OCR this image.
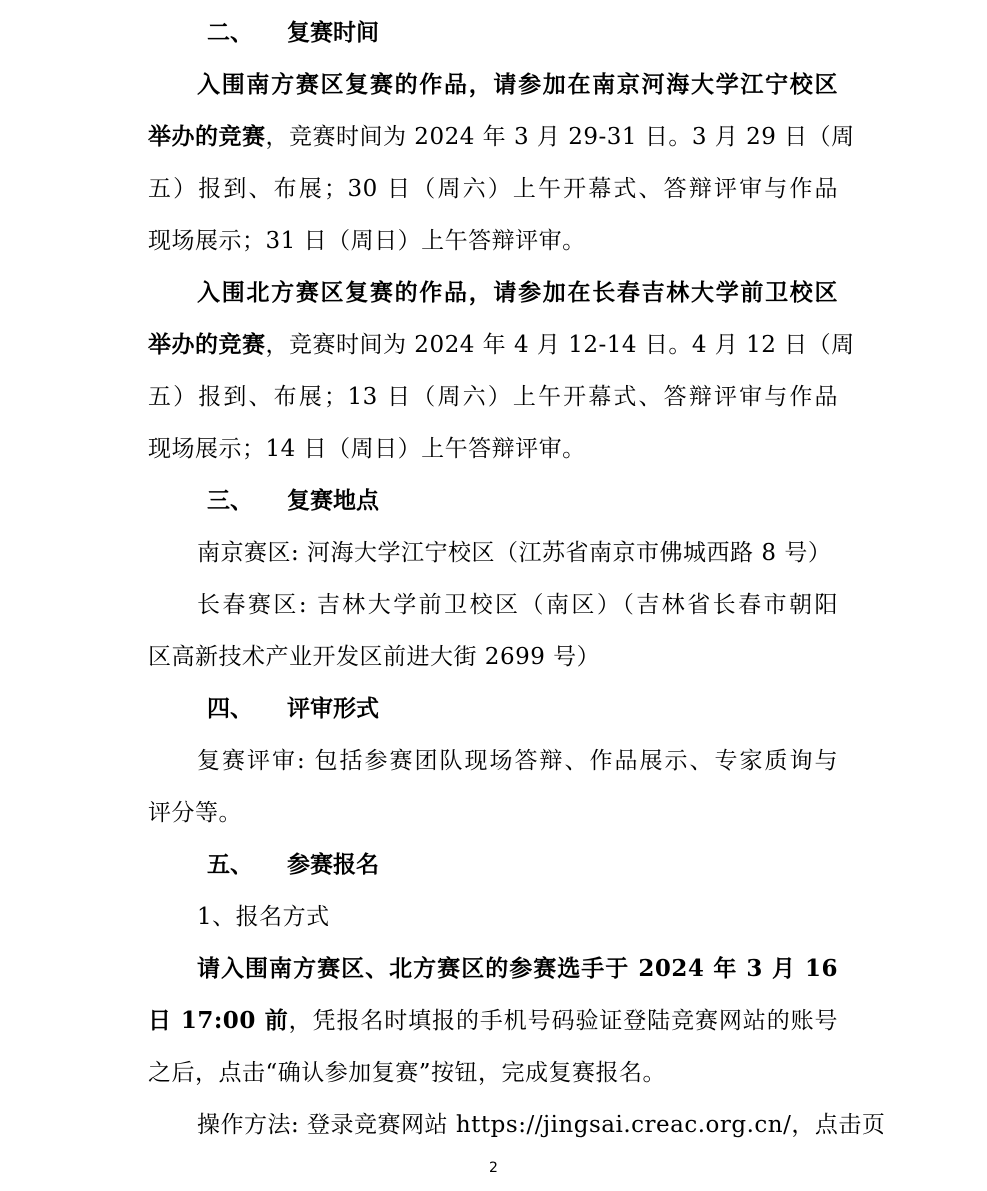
二、 复赛时间
入围南方赛区复赛的作品，请参加在南京河海大学江宁校区
举办的竞赛，竞赛时间为 2024 年 3 月 29-31 日。3 月 29 日（周
五）报到、布展；30 日（周六）上午开幕式、答辩评审与作品
现场展示；31 日（周日）上午答辩评审。
入围北方赛区复赛的作品，请参加在长春吉林大学前卫校区
举办的竞赛，竞赛时间为 2024 年 4 月 12-14 日。4 月 12 日（周
五）报到、布展；13 日（周六）上午开幕式、答辩评审与作品
现场展示；14 日（周日）上午答辩评审。
三、 复赛地点
南京赛区: 河海大学江宁校区（江苏省南京市佛城西路 8 号）
长春赛区: 吉林大学前卫校区（南区）（吉林省长春市朝阳
区高新技术产业开发区前进大街 2699 号）
四、 评审形式
复赛评审: 包括参赛团队现场答辩、作品展示、专家质询与
评分等。
五、 参赛报名
1、报名方式
请入围南方赛区、北方赛区的参赛选手于 2024 年 3 月 16
日 17:00 前，凭报名时填报的手机号码验证登陆竞赛网站的账号
之后，点击“确认参加复赛”按钮，完成复赛报名。
操作方法: 登录竞赛网站 https://jingsai.creac.org.cn/，点击页
2
